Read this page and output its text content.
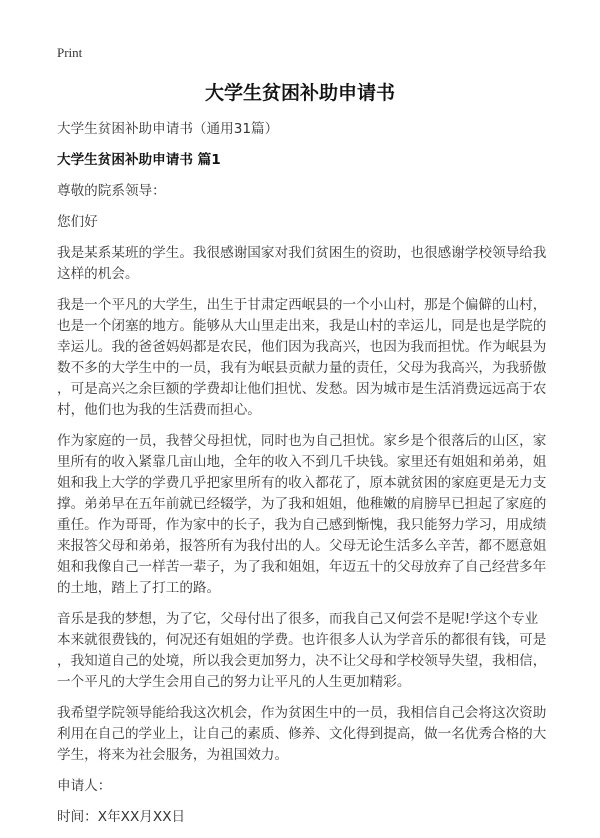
Print
大学生贫困补助申请书
大学生贫困补助申请书（通用31篇）
大学生贫困补助申请书 篇1
尊敬的院系领导：
您们好
我是某系某班的学生。我很感谢国家对我们贫困生的资助，也很感谢学校领导给我
这样的机会。
我是一个平凡的大学生，出生于甘肃定西岷县的一个小山村，那是个偏僻的山村，
也是一个闭塞的地方。能够从大山里走出来，我是山村的幸运儿，同是也是学院的
幸运儿。我的爸爸妈妈都是农民，他们因为我高兴，也因为我而担忧。作为岷县为
数不多的大学生中的一员，我有为岷县贡献力量的责任，父母为我高兴，为我骄傲
，可是高兴之余巨额的学费却让他们担忧、发愁。因为城市是生活消费远远高于农
村，他们也为我的生活费而担心。
作为家庭的一员，我替父母担忧，同时也为自己担忧。家乡是个很落后的山区，家
里所有的收入紧靠几亩山地，全年的收入不到几千块钱。家里还有姐姐和弟弟，姐
姐和我上大学的学费几乎把家里所有的收入都花了，原本就贫困的家庭更是无力支
撑。弟弟早在五年前就已经辍学，为了我和姐姐，他稚嫩的肩膀早已担起了家庭的
重任。作为哥哥，作为家中的长子，我为自己感到惭愧，我只能努力学习，用成绩
来报答父母和弟弟，报答所有为我付出的人。父母无论生活多么辛苦，都不愿意姐
姐和我像自己一样苦一辈子，为了我和姐姐，年迈五十的父母放弃了自己经营多年
的土地，踏上了打工的路。
音乐是我的梦想，为了它，父母付出了很多，而我自己又何尝不是呢!学这个专业
本来就很费钱的，何况还有姐姐的学费。也许很多人认为学音乐的都很有钱，可是
，我知道自己的处境，所以我会更加努力，决不让父母和学校领导失望，我相信，
一个平凡的大学生会用自己的努力让平凡的人生更加精彩。
我希望学院领导能给我这次机会，作为贫困生中的一员，我相信自己会将这次资助
利用在自己的学业上，让自己的素质、修养、文化得到提高，做一名优秀合格的大
学生，将来为社会服务，为祖国效力。
申请人：
时间：X年XX月XX日
